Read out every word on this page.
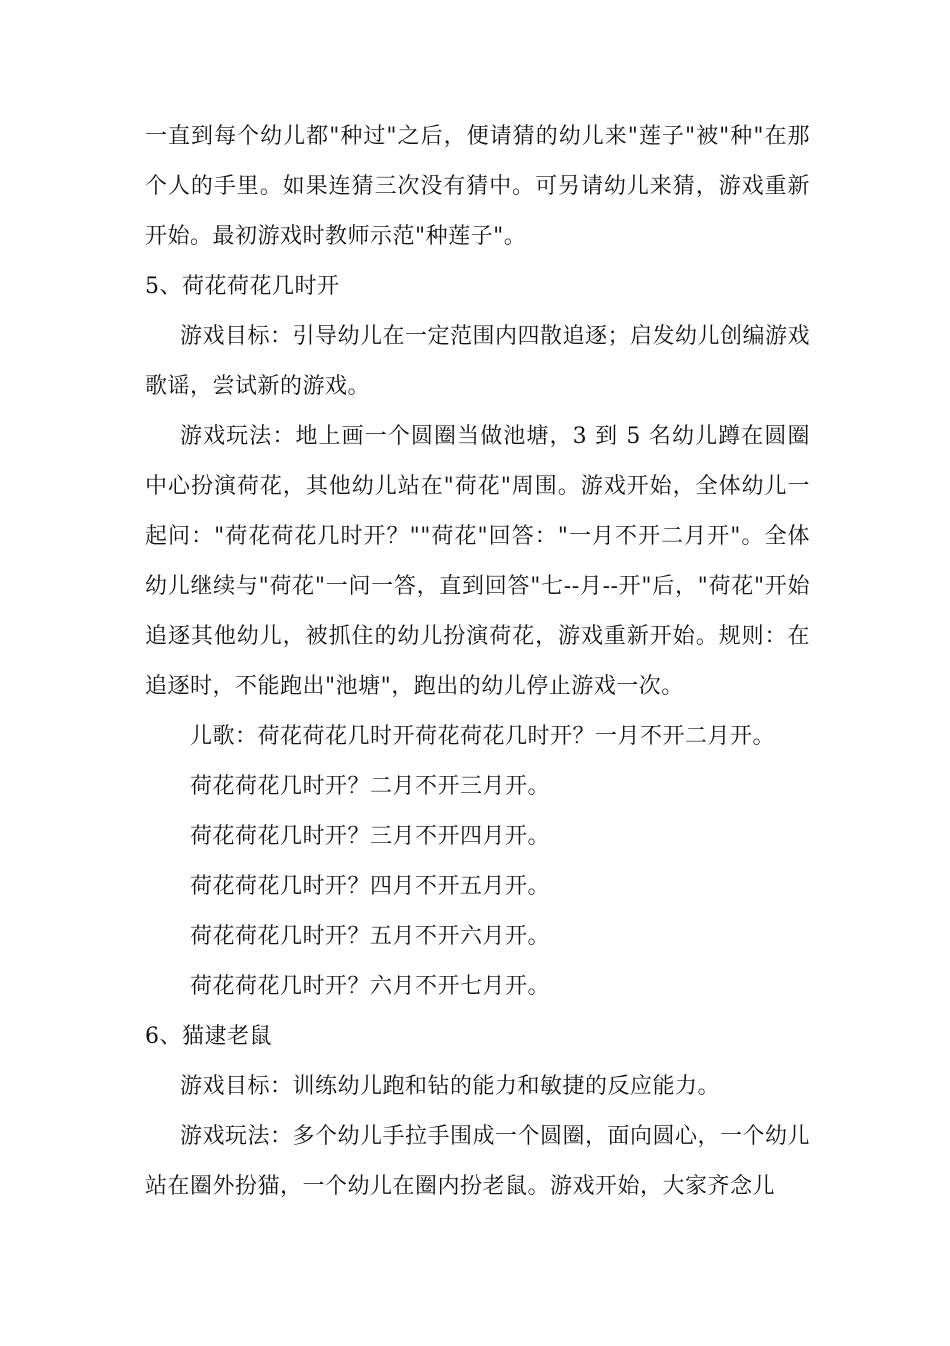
一直到每个幼儿都"种过"之后，便请猜的幼儿来"莲子"被"种"在那个人的手里。如果连猜三次没有猜中。可另请幼儿来猜，游戏重新开始。最初游戏时教师示范"种莲子"。

5、荷花荷花几时开

游戏目标：引导幼儿在一定范围内四散追逐；启发幼儿创编游戏歌谣，尝试新的游戏。

游戏玩法：地上画一个圆圈当做池塘，3 到 5 名幼儿蹲在圆圈中心扮演荷花，其他幼儿站在"荷花"周围。游戏开始，全体幼儿一起问："荷花荷花几时开？""荷花"回答："一月不开二月开"。全体幼儿继续与"荷花"一问一答，直到回答"七--月--开"后，"荷花"开始追逐其他幼儿，被抓住的幼儿扮演荷花，游戏重新开始。规则：在追逐时，不能跑出"池塘"，跑出的幼儿停止游戏一次。

儿歌：荷花荷花几时开荷花荷花几时开？一月不开二月开。

荷花荷花几时开？二月不开三月开。

荷花荷花几时开？三月不开四月开。

荷花荷花几时开？四月不开五月开。

荷花荷花几时开？五月不开六月开。

荷花荷花几时开？六月不开七月开。

6、猫逮老鼠

游戏目标：训练幼儿跑和钻的能力和敏捷的反应能力。

游戏玩法：多个幼儿手拉手围成一个圆圈，面向圆心，一个幼儿站在圈外扮猫，一个幼儿在圈内扮老鼠。游戏开始，大家齐念儿
